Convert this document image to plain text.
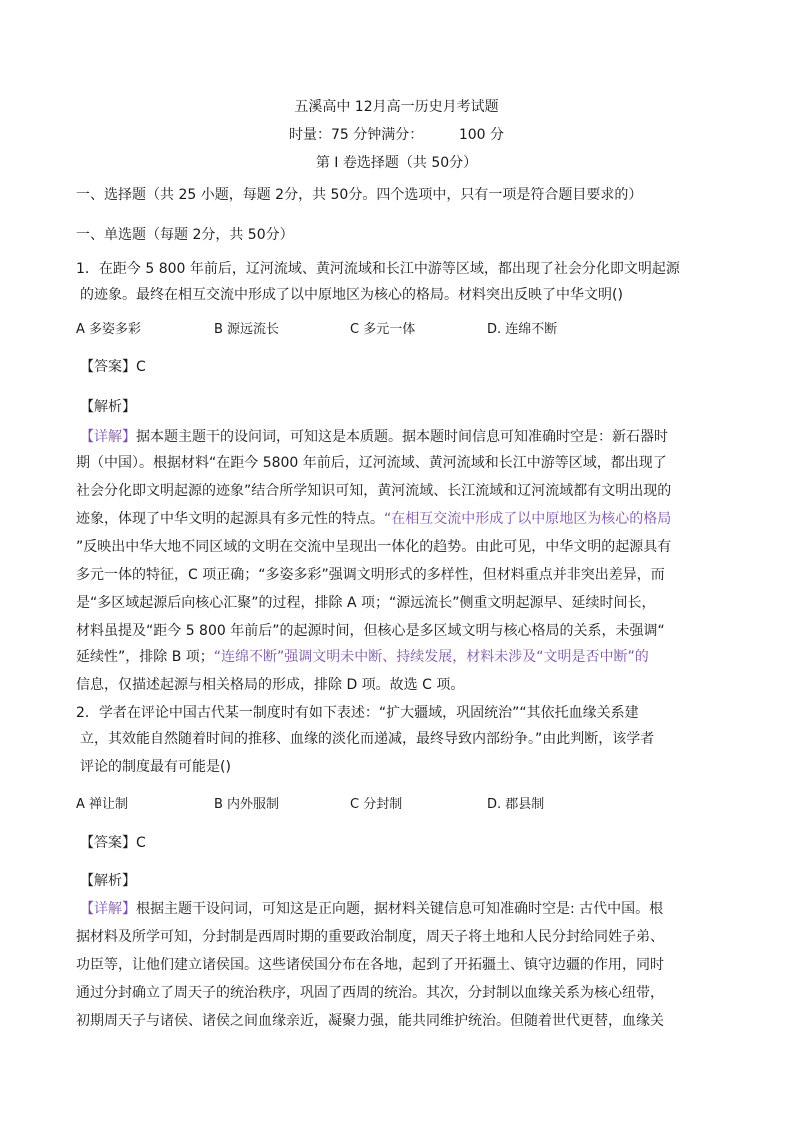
五溪高中 12月高一历史月考试题
时量：75 分钟满分：        100 分
第 I 卷选择题（共 50分）
一、选择题（共 25 小题，每题 2分，共 50分。四个选项中，只有一项是符合题目要求的）
一、单选题（每题 2分，共 50分）
1．在距今 5 800 年前后，辽河流域、黄河流域和长江中游等区域，都出现了社会分化即文明起源
的迹象。最终在相互交流中形成了以中原地区为核心的格局。材料突出反映了中华文明()
A 多姿多彩	B 源远流长	C 多元一体	D. 连绵不断
【答案】C
【解析】
【详解】据本题主题干的设问词，可知这是本质题。据本题时间信息可知准确时空是：新石器时
期（中国）。根据材料“在距今 5800 年前后，辽河流域、黄河流域和长江中游等区域，都出现了
社会分化即文明起源的迹象”结合所学知识可知，黄河流域、长江流域和辽河流域都有文明出现的
迹象，体现了中华文明的起源具有多元性的特点。“在相互交流中形成了以中原地区为核心的格局
”反映出中华大地不同区域的文明在交流中呈现出一体化的趋势。由此可见，中华文明的起源具有
多元一体的特征，C 项正确；“多姿多彩”强调文明形式的多样性，但材料重点并非突出差异，而
是“多区域起源后向核心汇聚”的过程，排除 A 项；“源远流长”侧重文明起源早、延续时间长，
材料虽提及“距今 5 800 年前后”的起源时间，但核心是多区域文明与核心格局的关系，未强调“
延续性”，排除 B 项；“连绵不断”强调文明未中断、持续发展，材料未涉及“文明是否中断”的
信息，仅描述起源与相关格局的形成，排除 D 项。故选 C 项。
2．学者在评论中国古代某一制度时有如下表述：“扩大疆域，巩固统治”“其依托血缘关系建
立，其效能自然随着时间的推移、血缘的淡化而递减，最终导致内部纷争。”由此判断，该学者
评论的制度最有可能是()
A 禅让制	B 内外服制	C 分封制	D. 郡县制
【答案】C
【解析】
【详解】根据主题干设问词，可知这是正向题，据材料关键信息可知准确时空是: 古代中国。根
据材料及所学可知，分封制是西周时期的重要政治制度，周天子将土地和人民分封给同姓子弟、
功臣等，让他们建立诸侯国。这些诸侯国分布在各地，起到了开拓疆土、镇守边疆的作用，同时
通过分封确立了周天子的统治秩序，巩固了西周的统治。其次，分封制以血缘关系为核心纽带，
初期周天子与诸侯、诸侯之间血缘亲近，凝聚力强，能共同维护统治。但随着世代更替，血缘关
